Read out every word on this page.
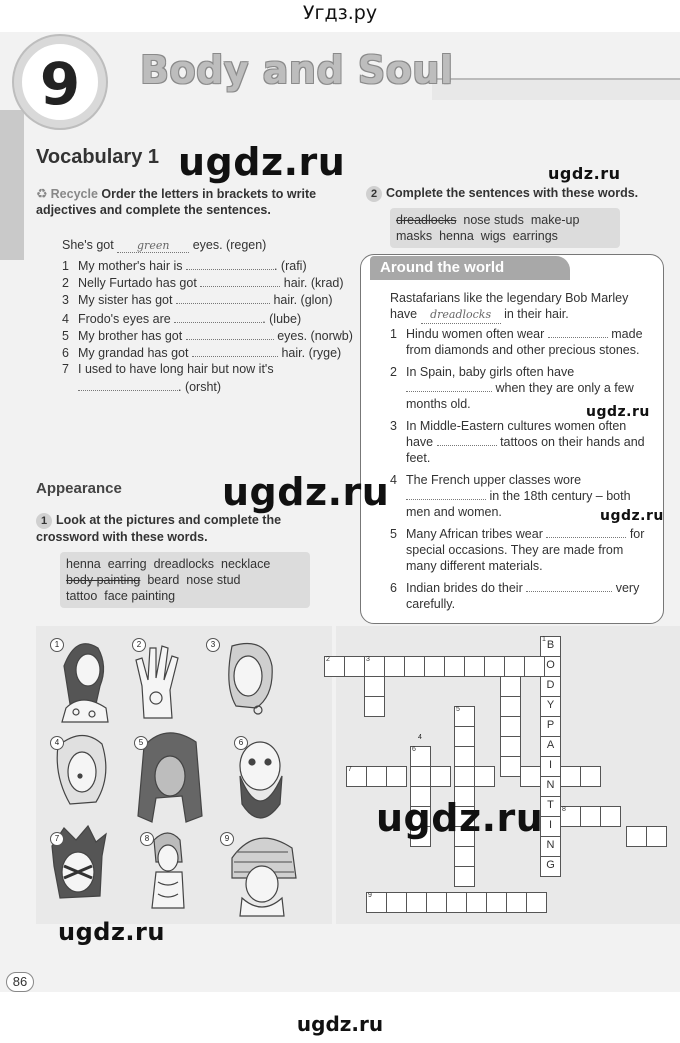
Угдз.ру
9	Body and Soul
Vocabulary 1
♻ Recycle Order the letters in brackets to write adjectives and complete the sentences.
She's got green eyes. (regen)
1 My mother's hair is	. (rafi)
2 Nelly Furtado has got	hair. (krad)
3 My sister has got	hair. (glon)
4 Frodo's eyes are	. (lube)
5 My brother has got	eyes. (norwb)
6 My grandad has got	hair. (ryge)
7 I used to have long hair but now it's
. (orsht)
Appearance
1 Look at the pictures and complete the crossword with these words.
henna earring dreadlocks necklace
body painting beard nose stud
tattoo face painting
2 Complete the sentences with these words.
dreadlocks nose studs make-up
masks henna wigs earrings
Around the world
Rastafarians like the legendary Bob Marley have dreadlocks in their hair.
1 Hindu women often wear	made from diamonds and other precious stones.
2 In Spain, baby girls often have  when they are only a few months old.
3 In Middle-Eastern cultures women often have	tattoos on their hands and feet.
4 The French upper classes wore  in the 18th century – both men and women.
5 Many African tribes wear	for special occasions. They are made from many different materials.
6 Indian brides do their	very carefully.
1	2	3
4	5	6
7	8	9
1 B
O
D
Y
P
A
I
N
T
I
N
G
2	3
5
6
7
8
9
4
ugdz.ru	ugdz.ru
ugdz.ru
ugdz.ru
ugdz.ru
ugdz.ru
ugdz.ru
86
ugdz.ru
